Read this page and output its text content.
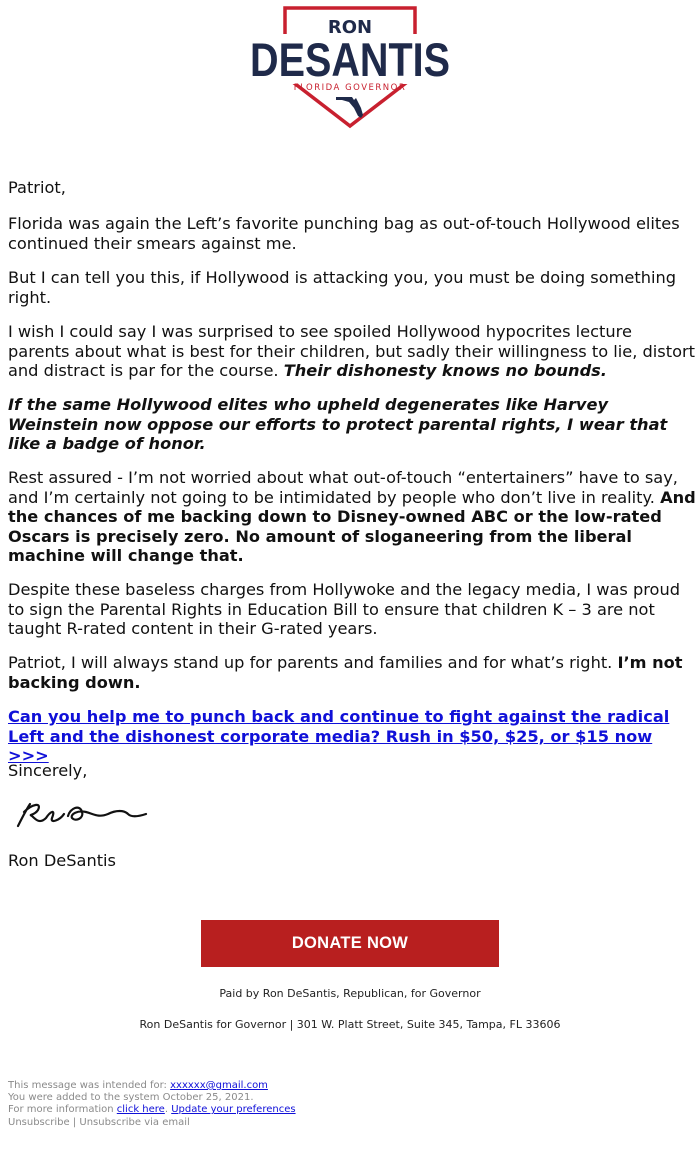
RON
DESANTIS
FLORIDA GOVERNOR

Patriot,

Florida was again the Left’s favorite punching bag as out-of-touch Hollywood elites continued their smears against me.

But I can tell you this, if Hollywood is attacking you, you must be doing something right.

I wish I could say I was surprised to see spoiled Hollywood hypocrites lecture parents about what is best for their children, but sadly their willingness to lie, distort and distract is par for the course. Their dishonesty knows no bounds.

If the same Hollywood elites who upheld degenerates like Harvey Weinstein now oppose our efforts to protect parental rights, I wear that like a badge of honor.

Rest assured - I’m not worried about what out-of-touch “entertainers” have to say, and I’m certainly not going to be intimidated by people who don’t live in reality. And the chances of me backing down to Disney-owned ABC or the low-rated Oscars is precisely zero. No amount of sloganeering from the liberal machine will change that.

Despite these baseless charges from Hollywoke and the legacy media, I was proud to sign the Parental Rights in Education Bill to ensure that children K – 3 are not taught R-rated content in their G-rated years.

Patriot, I will always stand up for parents and families and for what’s right. I’m not backing down.

Can you help me to punch back and continue to fight against the radical Left and the dishonest corporate media? Rush in $50, $25, or $15 now >>>

Sincerely,

Ron DeSantis

DONATE NOW
Paid by Ron DeSantis, Republican, for Governor
Ron DeSantis for Governor | 301 W. Platt Street, Suite 345, Tampa, FL 33606
This message was intended for: xxxxxx@gmail.com
You were added to the system October 25, 2021.
For more information click here. Update your preferences
Unsubscribe | Unsubscribe via email
